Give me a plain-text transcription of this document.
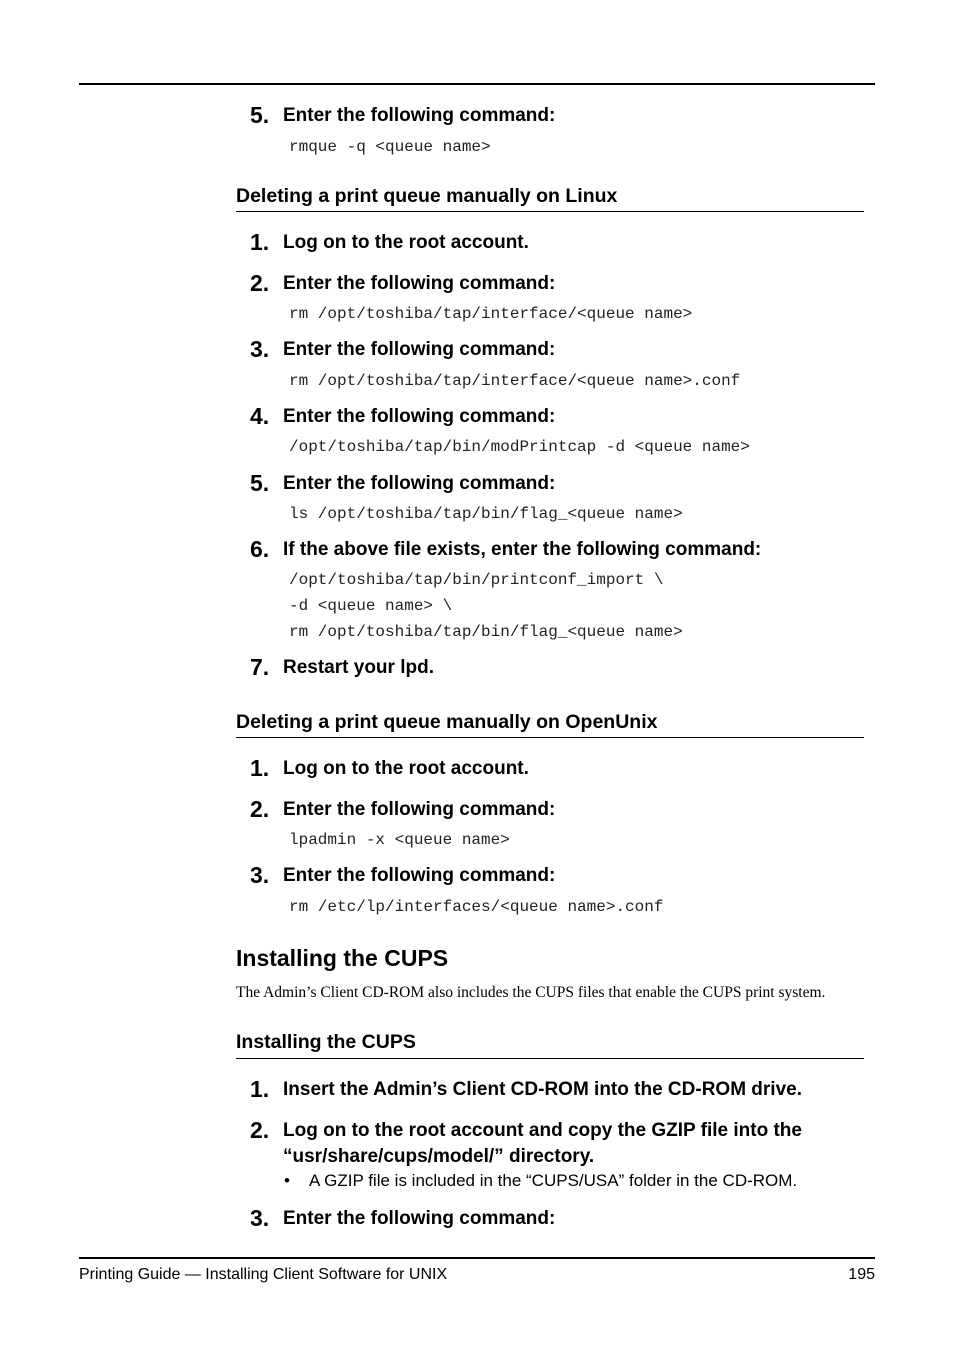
5. Enter the following command:
rmque -q <queue name>
Deleting a print queue manually on Linux
1. Log on to the root account.
2. Enter the following command:
rm /opt/toshiba/tap/interface/<queue name>
3. Enter the following command:
rm /opt/toshiba/tap/interface/<queue name>.conf
4. Enter the following command:
/opt/toshiba/tap/bin/modPrintcap -d <queue name>
5. Enter the following command:
ls /opt/toshiba/tap/bin/flag_<queue name>
6. If the above file exists, enter the following command:
/opt/toshiba/tap/bin/printconf_import \
-d <queue name> \
rm /opt/toshiba/tap/bin/flag_<queue name>
7. Restart your lpd.
Deleting a print queue manually on OpenUnix
1. Log on to the root account.
2. Enter the following command:
lpadmin -x <queue name>
3. Enter the following command:
rm /etc/lp/interfaces/<queue name>.conf
Installing the CUPS
The Admin’s Client CD-ROM also includes the CUPS files that enable the CUPS print system.
Installing the CUPS
1. Insert the Admin’s Client CD-ROM into the CD-ROM drive.
2. Log on to the root account and copy the GZIP file into the
“usr/share/cups/model/” directory.
• A GZIP file is included in the “CUPS/USA” folder in the CD-ROM.
3. Enter the following command:
Printing Guide — Installing Client Software for UNIX	195
